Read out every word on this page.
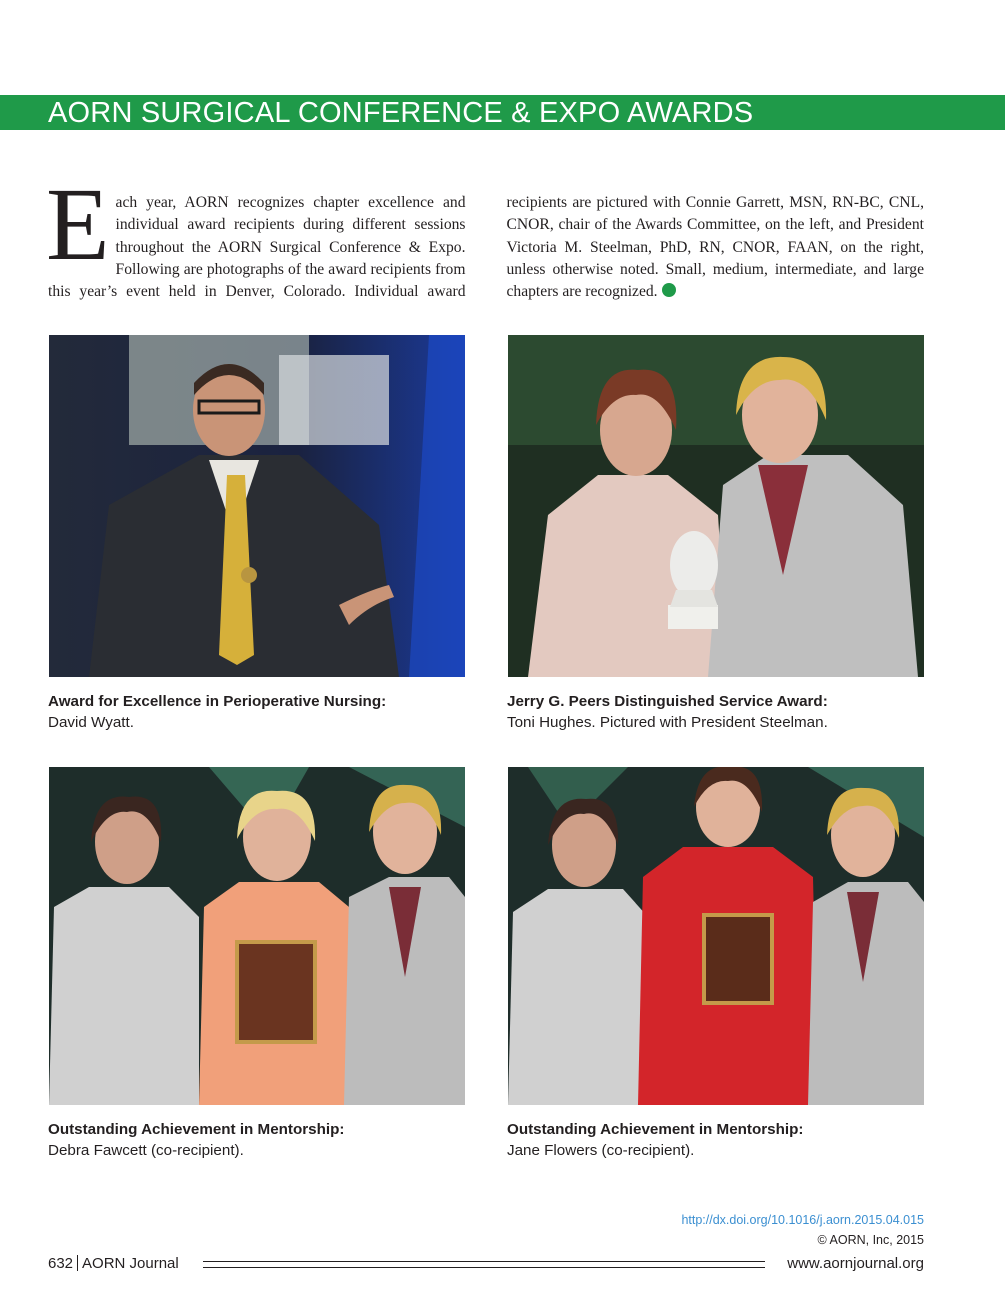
AORN SURGICAL CONFERENCE & EXPO AWARDS
Each year, AORN recognizes chapter excellence and individual award recipients during different sessions throughout the AORN Surgical Conference & Expo. Following are photographs of the award recipients from this year’s event held in Denver, Colorado. Individual award recipients are pictured with Connie Garrett, MSN, RN-BC, CNL, CNOR, chair of the Awards Committee, on the left, and President Victoria M. Steelman, PhD, RN, CNOR, FAAN, on the right, unless otherwise noted. Small, medium, intermediate, and large chapters are recognized.
Award for Excellence in Perioperative Nursing:
David Wyatt.
Jerry G. Peers Distinguished Service Award:
Toni Hughes. Pictured with President Steelman.
Outstanding Achievement in Mentorship:
Debra Fawcett (co-recipient).
Outstanding Achievement in Mentorship:
Jane Flowers (co-recipient).
http://dx.doi.org/10.1016/j.aorn.2015.04.015
© AORN, Inc, 2015
632 AORN Journal	www.aornjournal.org
